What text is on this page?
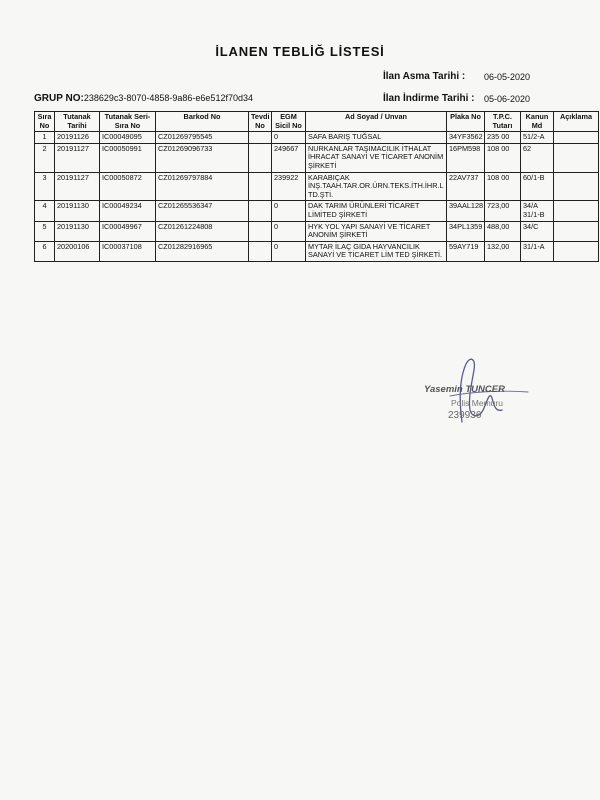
İLANEN TEBLİĞ LİSTESİ
İlan Asma Tarihi : 06-05-2020
İlan İndirme Tarihi : 05-06-2020
GRUP NO:238629c3-8070-4858-9a86-e6e512f70d34
Sıra No	Tutanak Tarihi	Tutanak Seri-Sıra No	Barkod No	Tevdi No	EGM Sicil No	Ad Soyad / Unvan	Plaka No	T.P.C. Tutarı	Kanun Md	Açıklama
1	20191126	IC00049095	CZ01269795545		0	SAFA BARIŞ TUĞSAL	34YF3562	235 00	51/2-A	
2	20191127	IC00050991	CZ01269096733		249667	NURKANLAR TAŞIMACILIK İTHALAT İHRACAT SANAYİ VE TİCARET ANONİM ŞİRKETİ	16PM598	108 00	62	
3	20191127	IC00050872	CZ01269797884		239922	KARABIÇAK İNŞ.TAAH.TAR.OR.ÜRN.TEKS.İTH.İHR.LTD.ŞTİ.	22AV737	108 00	60/1-B	
4	20191130	IC00049234	CZ01265536347		0	DAK TARIM ÜRÜNLERİ TİCARET LİMİTED ŞİRKETİ	39AAL128	723,00	34/A 31/1-B	
5	20191130	IC00049967	CZ01261224808		0	HYK YOL YAPI SANAYİ VE TİCARET ANONİM ŞİRKETİ	34PL1359	488,00	34/C	
6	20200106	IC00037108	CZ01282916965		0	MYTAR İLAÇ GIDA HAYVANCILIK SANAYİ VE TİCARET LİM TED ŞİRKETİ.	59AY719	132,00	31/1-A	
Yasemin TUNCER
Polis Memuru
239936
